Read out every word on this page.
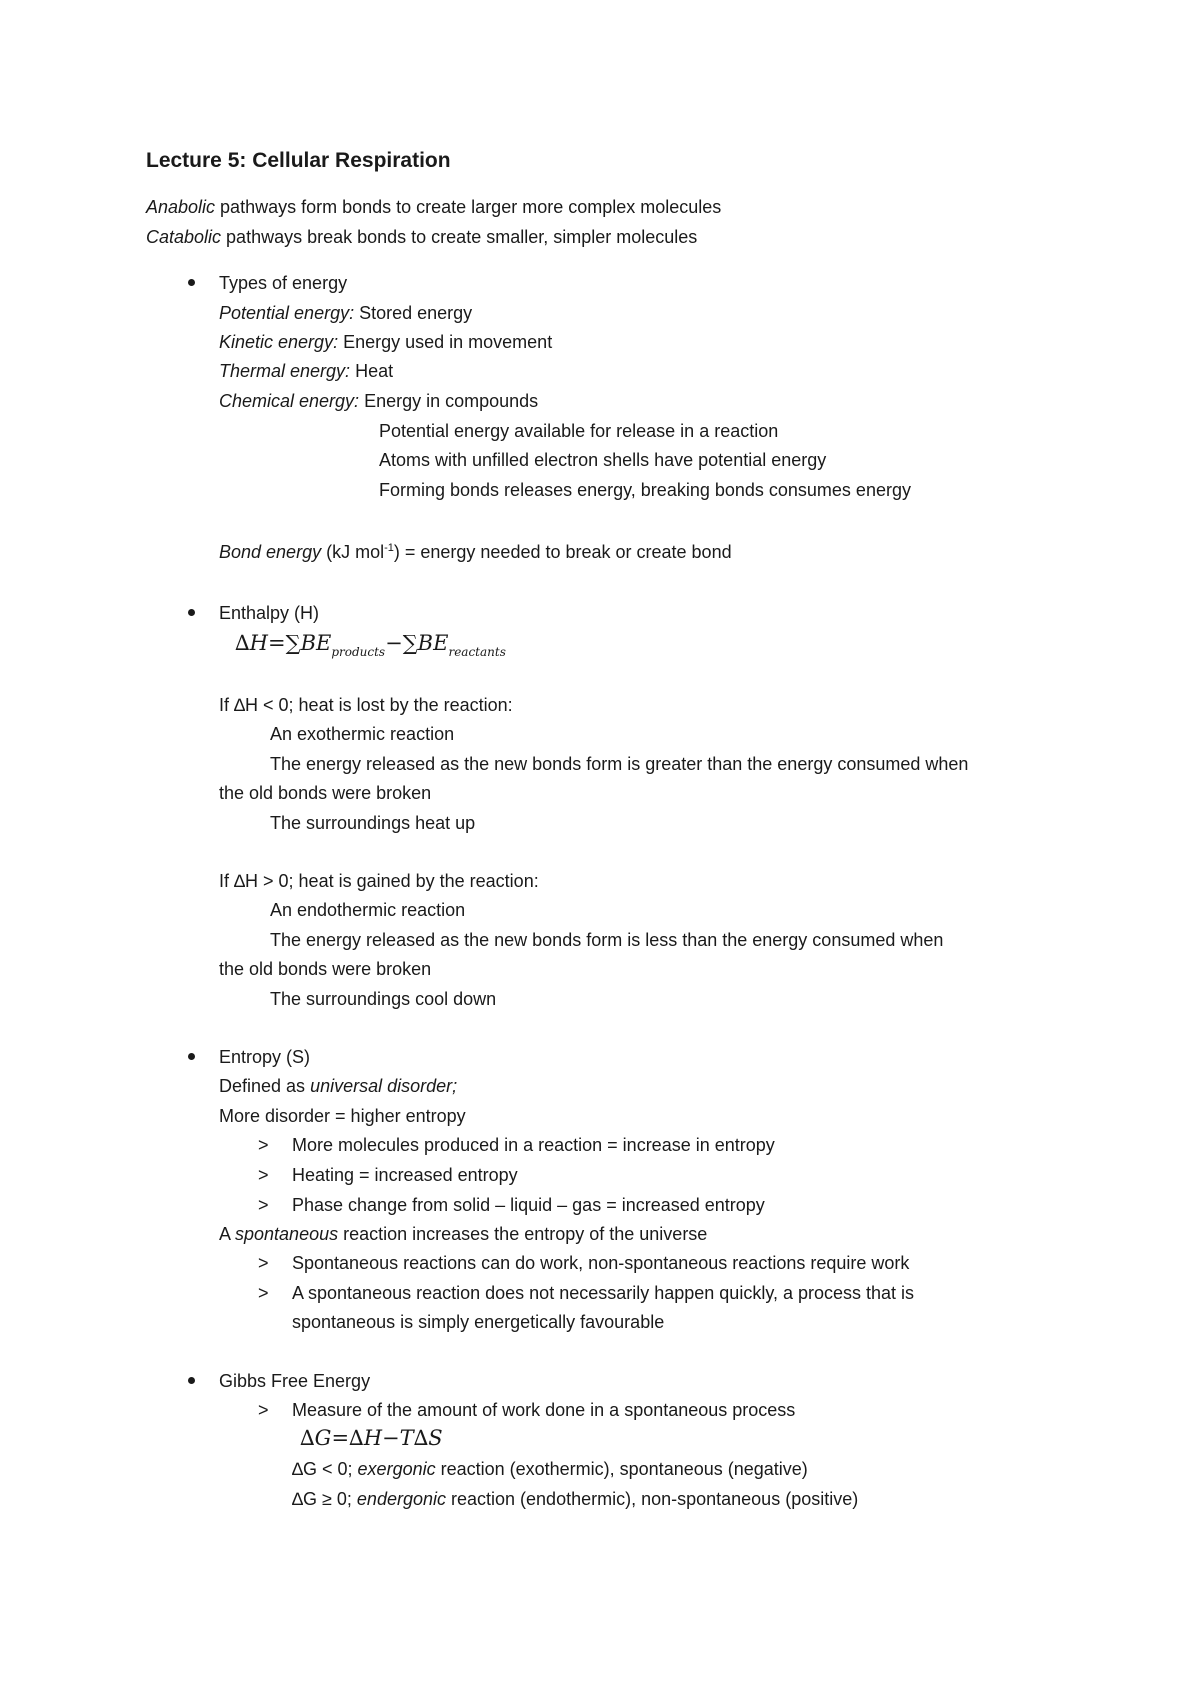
Lecture 5: Cellular Respiration
Anabolic pathways form bonds to create larger more complex molecules
Catabolic pathways break bonds to create smaller, simpler molecules
Types of energy
Potential energy: Stored energy
Kinetic energy: Energy used in movement
Thermal energy: Heat
Chemical energy: Energy in compounds
Potential energy available for release in a reaction
Atoms with unfilled electron shells have potential energy
Forming bonds releases energy, breaking bonds consumes energy
Bond energy (kJ mol$^{-1}$) = energy needed to break or create bond
Enthalpy (H)
$\Delta H=\sum BE_{products}-\sum BE_{reactants}$
If ∆H < 0; heat is lost by the reaction:
An exothermic reaction
The energy released as the new bonds form is greater than the energy consumed when
the old bonds were broken
The surroundings heat up
If ∆H > 0; heat is gained by the reaction:
An endothermic reaction
The energy released as the new bonds form is less than the energy consumed when
the old bonds were broken
The surroundings cool down
Entropy (S)
Defined as universal disorder;
More disorder = higher entropy
> More molecules produced in a reaction = increase in entropy
> Heating = increased entropy
> Phase change from solid – liquid – gas = increased entropy
A spontaneous reaction increases the entropy of the universe
> Spontaneous reactions can do work, non-spontaneous reactions require work
> A spontaneous reaction does not necessarily happen quickly, a process that is
spontaneous is simply energetically favourable
Gibbs Free Energy
> Measure of the amount of work done in a spontaneous process
∆G=∆H−T∆S
∆G < 0; exergonic reaction (exothermic), spontaneous (negative)
∆G ≥ 0; endergonic reaction (endothermic), non-spontaneous (positive)
